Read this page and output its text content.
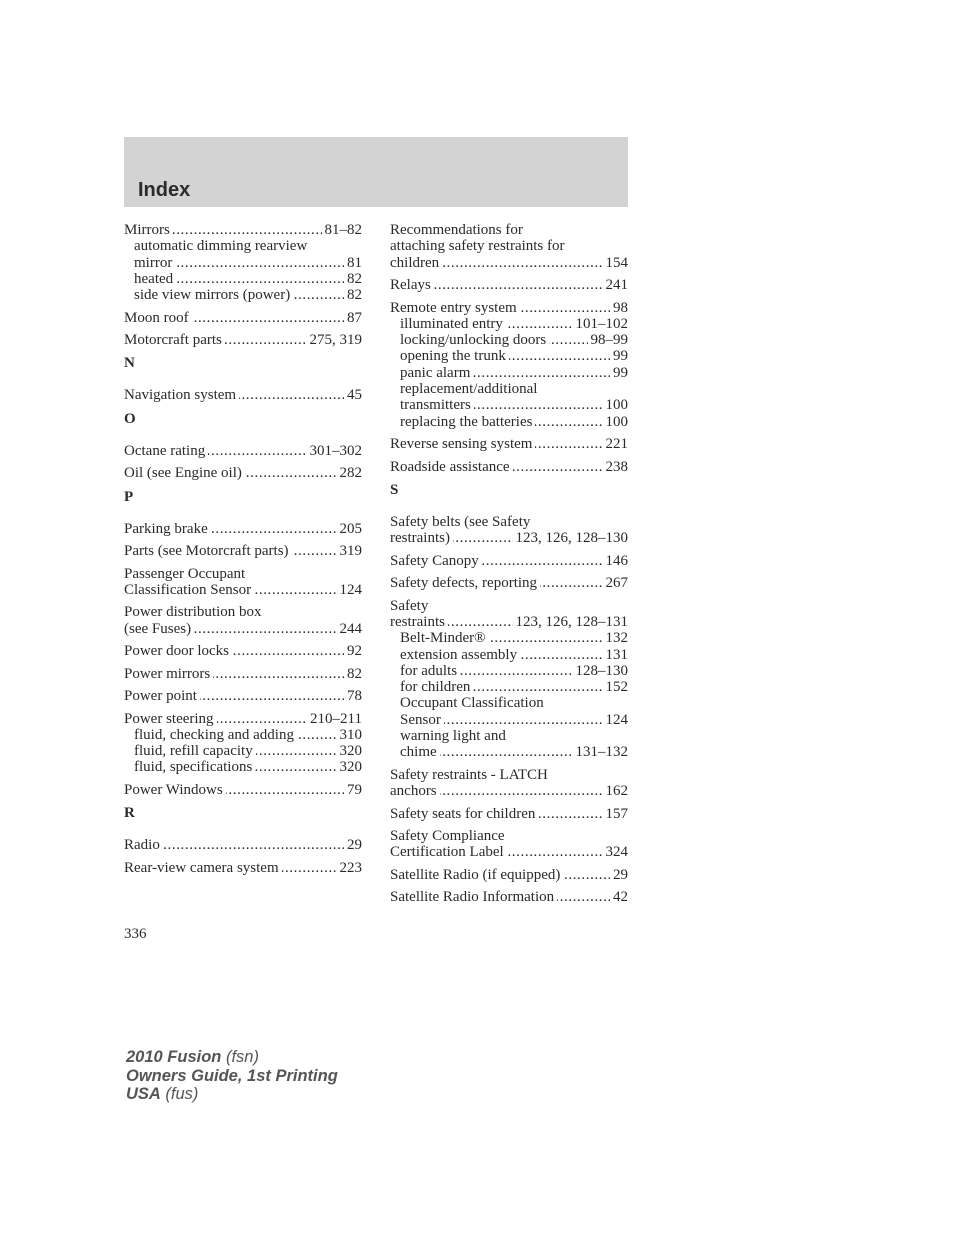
Index
..... Mirrors	81–82
automatic dimming rearview
..... mirror	81
..... heated	82
..... side view mirrors (power)	82
..... Moon roof	87
..... Motorcraft parts	275, 319
N
..... Navigation system	45
O
..... Octane rating	301–302
..... Oil (see Engine oil)	282
P
..... Parking brake	205
..... Parts (see Motorcraft parts)	319
Passenger Occupant
..... Classification Sensor	124
Power distribution box
..... (see Fuses)	244
..... Power door locks	92
..... Power mirrors	82
..... Power point	78
..... Power steering	210–211
..... fluid, checking and adding	310
..... fluid, refill capacity	320
..... fluid, specifications	320
..... Power Windows	79
R
..... Radio	29
..... Rear-view camera system	223
Recommendations for
attaching safety restraints for
..... children	154
..... Relays	241
..... Remote entry system	98
..... illuminated entry	101–102
..... locking/unlocking doors	98–99
..... opening the trunk	99
..... panic alarm	99
replacement/additional
..... transmitters	100
..... replacing the batteries	100
..... Reverse sensing system	221
..... Roadside assistance	238
S
Safety belts (see Safety
..... restraints)	123, 126, 128–130
..... Safety Canopy	146
..... Safety defects, reporting	267
Safety
..... restraints	123, 126, 128–131
..... Belt-Minder®	132
..... extension assembly	131
..... for adults	128–130
..... for children	152
Occupant Classification
..... Sensor	124
warning light and
..... chime	131–132
Safety restraints - LATCH
..... anchors	162
..... Safety seats for children	157
Safety Compliance
..... Certification Label	324
..... Satellite Radio (if equipped)	29
..... Satellite Radio Information	42
336
2010 Fusion (fsn)
Owners Guide, 1st Printing
USA (fus)
